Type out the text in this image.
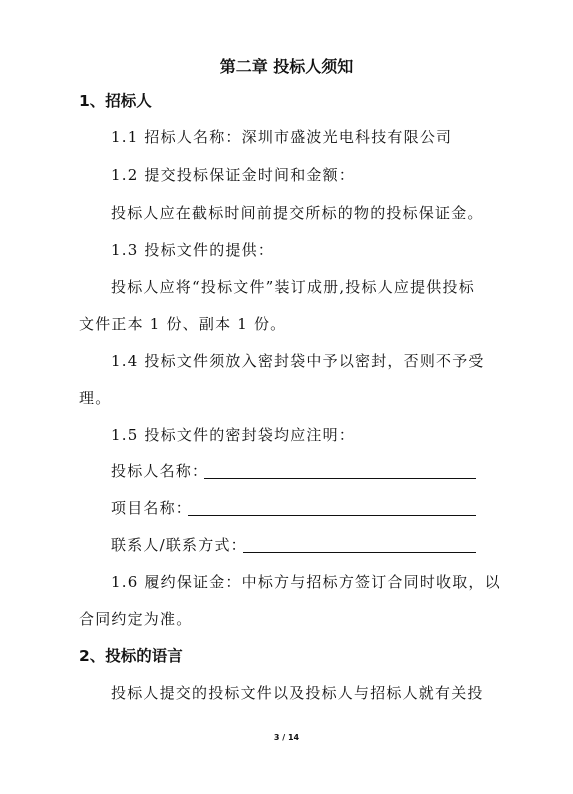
第二章 投标人须知
1、招标人
1.1 招标人名称：深圳市盛波光电科技有限公司
1.2 提交投标保证金时间和金额：
投标人应在截标时间前提交所标的物的投标保证金。
1.3 投标文件的提供：
投标人应将“投标文件”装订成册,投标人应提供投标
文件正本 1 份、副本 1 份。
1.4 投标文件须放入密封袋中予以密封，否则不予受
理。
1.5 投标文件的密封袋均应注明：
投标人名称：
项目名称：
联系人/联系方式：
1.6 履约保证金：中标方与招标方签订合同时收取，以
合同约定为准。
2、投标的语言
投标人提交的投标文件以及投标人与招标人就有关投
3 / 14
